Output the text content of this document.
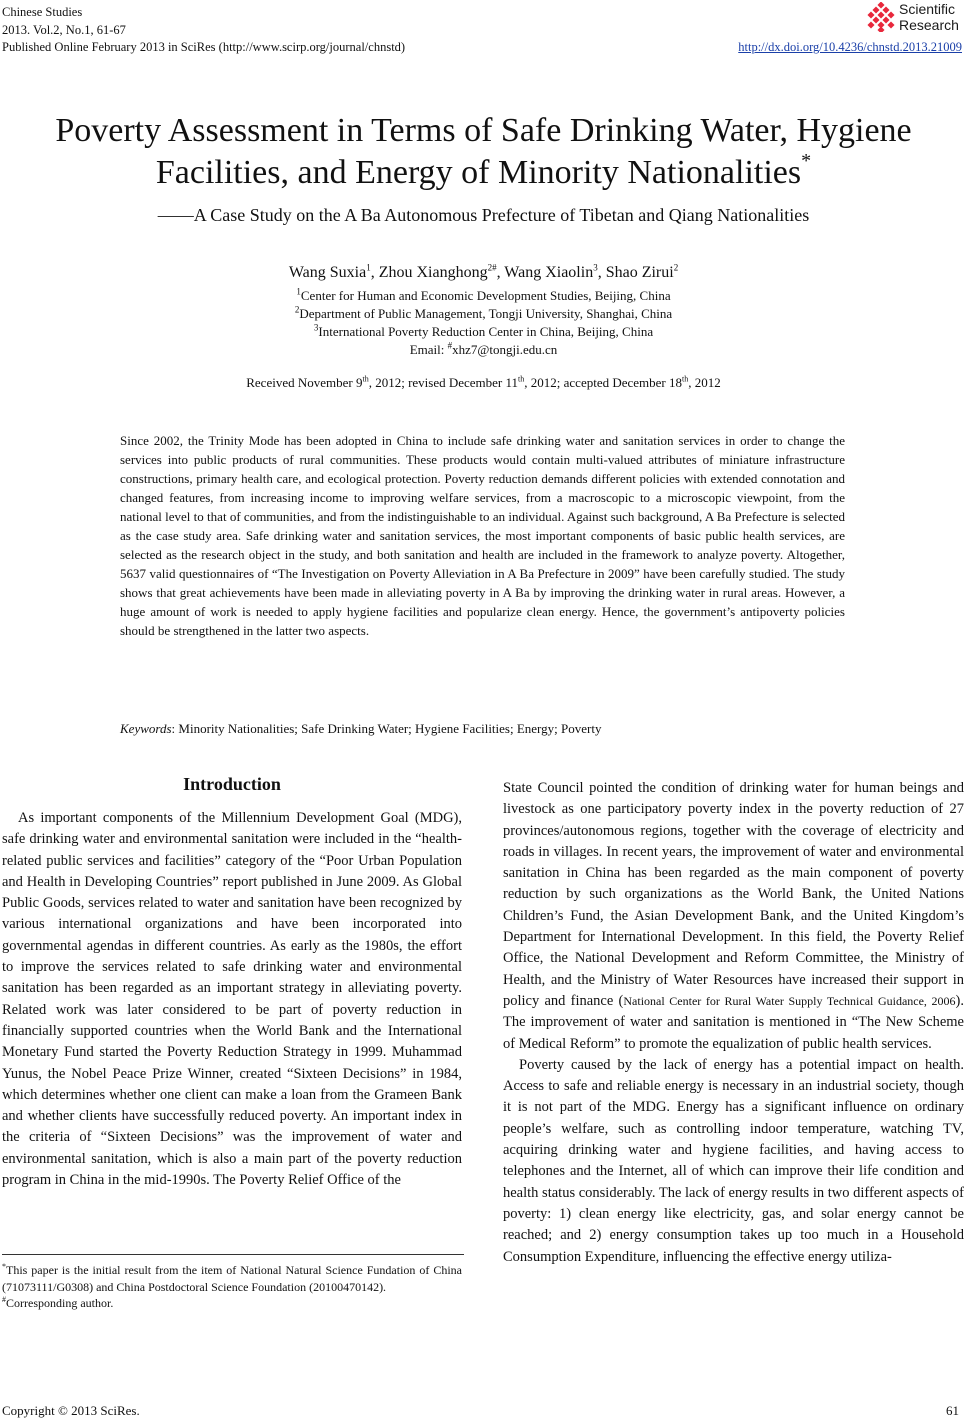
Chinese Studies
2013. Vol.2, No.1, 61-67
Published Online February 2013 in SciRes (http://www.scirp.org/journal/chnstd)
Scientific
Research
http://dx.doi.org/10.4236/chnstd.2013.21009
Poverty Assessment in Terms of Safe Drinking Water, Hygiene
Facilities, and Energy of Minority Nationalities*
——A Case Study on the A Ba Autonomous Prefecture of Tibetan and Qiang Nationalities
Wang Suxia$^1$, Zhou Xianghong$^{2\#}$, Wang Xiaolin$^3$, Shao Zirui$^2$
$^1$Center for Human and Economic Development Studies, Beijing, China
$^2$Department of Public Management, Tongji University, Shanghai, China
$^3$International Poverty Reduction Center in China, Beijing, China
Email: #xhz7@tongji.edu.cn
Received November 9th, 2012; revised December 11th, 2012; accepted December 18th, 2012
Since 2002, the Trinity Mode has been adopted in China to include safe drinking water and sanitation services in order to change the services into public products of rural communities. These products would contain multi-valued attributes of miniature infrastructure constructions, primary health care, and ecological protection. Poverty reduction demands different policies with extended connotation and changed features, from increasing income to improving welfare services, from a macroscopic to a microscopic viewpoint, from the national level to that of communities, and from the indistinguishable to an individual. Against such background, A Ba Prefecture is selected as the case study area. Safe drinking water and sanitation services, the most important components of basic public health services, are selected as the research object in the study, and both sanitation and health are included in the framework to analyze poverty. Altogether, 5637 valid questionnaires of “The Investigation on Poverty Alleviation in A Ba Prefecture in 2009” have been carefully studied. The study shows that great achievements have been made in alleviating poverty in A Ba by improving the drinking water in rural areas. However, a huge amount of work is needed to apply hygiene facilities and popularize clean energy. Hence, the government’s antipoverty policies should be strengthened in the latter two aspects.
Keywords: Minority Nationalities; Safe Drinking Water; Hygiene Facilities; Energy; Poverty
Introduction

As important components of the Millennium Development Goal (MDG), safe drinking water and environmental sanitation were included in the “health-related public services and facilities” category of the “Poor Urban Population and Health in Developing Countries” report published in June 2009. As Global Public Goods, services related to water and sanitation have been recognized by various international organizations and have been incorporated into governmental agendas in different countries. As early as the 1980s, the effort to improve the services related to safe drinking water and environmental sanitation has been regarded as an important strategy in alleviating poverty. Related work was later considered to be part of poverty reduction in financially supported countries when the World Bank and the International Monetary Fund started the Poverty Reduction Strategy in 1999. Muhammad Yunus, the Nobel Peace Prize Winner, created “Sixteen Decisions” in 1984, which determines whether one client can make a loan from the Grameen Bank and whether clients have successfully reduced poverty. An important index in the criteria of “Sixteen Decisions” was the improvement of water and environmental sanitation, which is also a main part of the poverty reduction program in China in the mid-1990s. The Poverty Relief Office of the

State Council pointed the condition of drinking water for human beings and livestock as one participatory poverty index in the poverty reduction of 27 provinces/autonomous regions, together with the coverage of electricity and roads in villages. In recent years, the improvement of water and environmental sanitation in China has been regarded as the main component of poverty reduction by such organizations as the World Bank, the United Nations Children’s Fund, the Asian Development Bank, and the United Kingdom’s Department for International Development. In this field, the Poverty Relief Office, the National Development and Reform Committee, the Ministry of Health, and the Ministry of Water Resources have increased their support in policy and finance (National Center for Rural Water Supply Technical Guidance, 2006). The improvement of water and sanitation is mentioned in “The New Scheme of Medical Reform” to promote the equalization of public health services.

Poverty caused by the lack of energy has a potential impact on health. Access to safe and reliable energy is necessary in an industrial society, though it is not part of the MDG. Energy has a significant influence on ordinary people’s welfare, such as controlling indoor temperature, watching TV, acquiring drinking water and hygiene facilities, and having access to telephones and the Internet, all of which can improve their life condition and health status considerably. The lack of energy results in two different aspects of poverty: 1) clean energy like electricity, gas, and solar energy cannot be reached; and 2) energy consumption takes up too much in a Household Consumption Expenditure, influencing the effective energy utiliza-

*This paper is the initial result from the item of National Natural Science Fundation of China (71073111/G0308) and China Postdoctoral Science Foundation (20100470142).
#Corresponding author.
Copyright © 2013 SciRes.	61
